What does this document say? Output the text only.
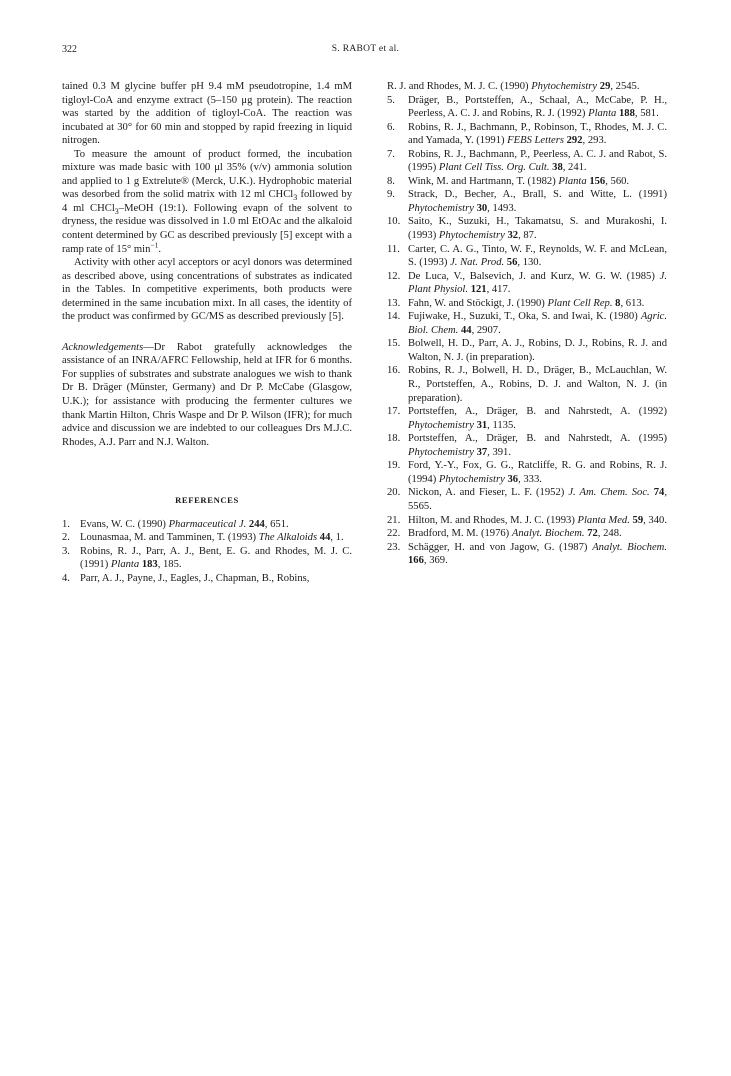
322	S. RABOT et al.

tained 0.3 M glycine buffer pH 9.4 mM pseudotropine, 1.4 mM tigloyl-CoA and enzyme extract (5–150 μg protein). The reaction was started by the addition of tigloyl-CoA. The reaction was incubated at 30° for 60 min and stopped by rapid freezing in liquid nitrogen.

To measure the amount of product formed, the incubation mixture was made basic with 100 μl 35% (v/v) ammonia solution and applied to 1 g Extrelute® (Merck, U.K.). Hydrophobic material was desorbed from the solid matrix with 12 ml CHCl$_3$ followed by 4 ml CHCl$_3$–MeOH (19:1). Following evapn of the solvent to dryness, the residue was dissolved in 1.0 ml EtOAc and the alkaloid content determined by GC as described previously [5] except with a ramp rate of 15° $\min^{-1}$.

Activity with other acyl acceptors or acyl donors was determined as described above, using concentrations of substrates as indicated in the Tables. In competitive experiments, both products were determined in the same incubation mixt. In all cases, the identity of the product was confirmed by GC/MS as described previously [5].

Acknowledgements—Dr Rabot gratefully acknowledges the assistance of an INRA/AFRC Fellowship, held at IFR for 6 months. For supplies of substrates and substrate analogues we wish to thank Dr B. Dräger (Münster, Germany) and Dr P. McCabe (Glasgow, U.K.); for assistance with producing the fermenter cultures we thank Martin Hilton, Chris Waspe and Dr P. Wilson (IFR); for much advice and discussion we are indebted to our colleagues Drs M.J.C. Rhodes, A.J. Parr and N.J. Walton.

REFERENCES
1. Evans, W. C. (1990) Pharmaceutical J. 244, 651.
2. Lounasmaa, M. and Tamminen, T. (1993) The Alkaloids 44, 1.
3. Robins, R. J., Parr, A. J., Bent, E. G. and Rhodes, M. J. C. (1991) Planta 183, 185.
4. Parr, A. J., Payne, J., Eagles, J., Chapman, B., Robins,
R. J. and Rhodes, M. J. C. (1990) Phytochemistry 29, 2545.
5.	Dräger, B., Portsteffen, A., Schaal, A., McCabe, P. H., Peerless, A. C. J. and Robins, R. J. (1992) Planta 188, 581.
6.	Robins, R. J., Bachmann, P., Robinson, T., Rhodes, M. J. C. and Yamada, Y. (1991) FEBS Letters 292, 293.
7.	Robins, R. J., Bachmann, P., Peerless, A. C. J. and Rabot, S. (1995) Plant Cell Tiss. Org. Cult. 38, 241.
8.	Wink, M. and Hartmann, T. (1982) Planta 156, 560.
9.	Strack, D., Becher, A., Brall, S. and Witte, L. (1991) Phytochemistry 30, 1493.
10. Saito, K., Suzuki, H., Takamatsu, S. and Murakoshi, I. (1993) Phytochemistry 32, 87.
11. Carter, C. A. G., Tinto, W. F., Reynolds, W. F. and McLean, S. (1993) J. Nat. Prod. 56, 130.
12. De Luca, V., Balsevich, J. and Kurz, W. G. W. (1985) J. Plant Physiol. 121, 417.
13. Fahn, W. and Stöckigt, J. (1990) Plant Cell Rep. 8, 613.
14. Fujiwake, H., Suzuki, T., Oka, S. and Iwai, K. (1980) Agric. Biol. Chem. 44, 2907.
15. Bolwell, H. D., Parr, A. J., Robins, D. J., Robins, R. J. and Walton, N. J. (in preparation).
16. Robins, R. J., Bolwell, H. D., Dräger, B., McLauchlan, W. R., Portsteffen, A., Robins, D. J. and Walton, N. J. (in preparation).
17. Portsteffen, A., Dräger, B. and Nahrstedt, A. (1992) Phytochemistry 31, 1135.
18. Portsteffen, A., Dräger, B. and Nahrstedt, A. (1995) Phytochemistry 37, 391.
19. Ford, Y.-Y., Fox, G. G., Ratcliffe, R. G. and Robins, R. J. (1994) Phytochemistry 36, 333.
20. Nickon, A. and Fieser, L. F. (1952) J. Am. Chem. Soc. 74, 5565.
21. Hilton, M. and Rhodes, M. J. C. (1993) Planta Med. 59, 340.
22. Bradford, M. M. (1976) Analyt. Biochem. 72, 248.
23. Schägger, H. and von Jagow, G. (1987) Analyt. Biochem. 166, 369.
